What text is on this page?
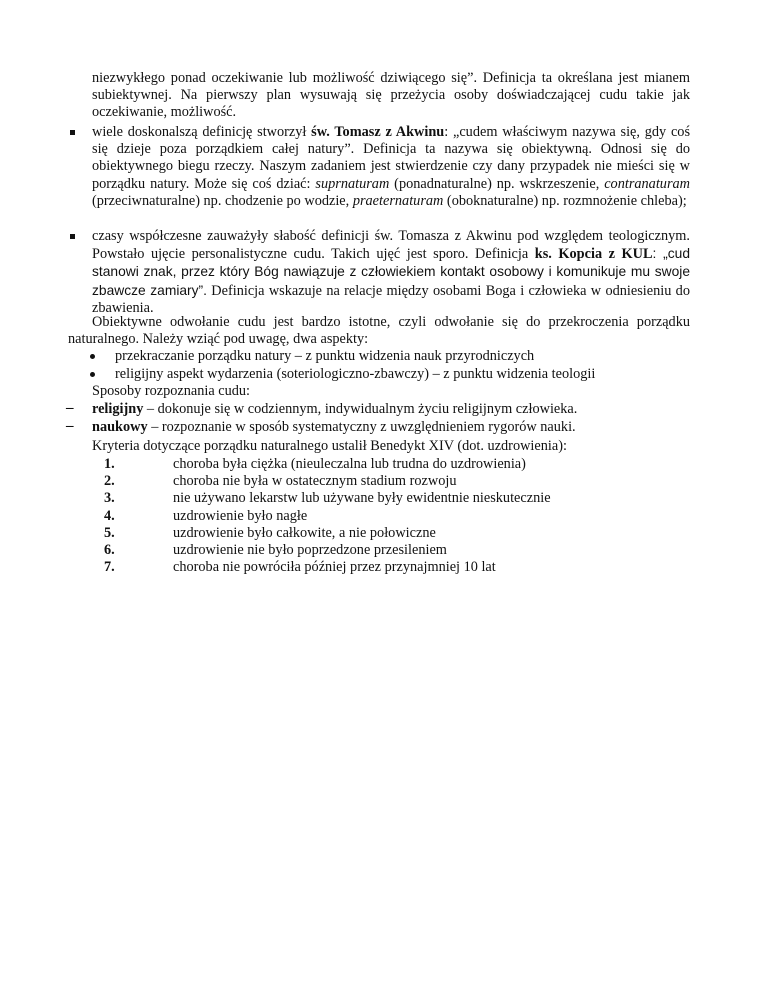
niezwykłego ponad oczekiwanie lub możliwość dziwiącego się”. Definicja ta określana jest mianem subiektywnej. Na pierwszy plan wysuwają się przeżycia osoby doświadczającej cudu takie jak oczekiwanie, możliwość.
wiele doskonalszą definicję stworzył św. Tomasz z Akwinu: „cudem właściwym nazywa się, gdy coś się dzieje poza porządkiem całej natury”. Definicja ta nazywa się obiektywną. Odnosi się do obiektywnego biegu rzeczy. Naszym zadaniem jest stwierdzenie czy dany przypadek nie mieści się w porządku natury. Może się coś dziać: suprnaturam (ponadnaturalne) np. wskrzeszenie, contranaturam (przeciwnaturalne) np. chodzenie po wodzie, praeternaturam (oboknaturalne) np. rozmnożenie chleba);
czasy współczesne zauważyły słabość definicji św. Tomasza z Akwinu pod względem teologicznym. Powstało ujęcie personalistyczne cudu. Takich ujęć jest sporo. Definicja ks. Kopcia z KUL: „cud stanowi znak, przez który Bóg nawiązuje z człowiekiem kontakt osobowy i komunikuje mu swoje zbawcze zamiary”. Definicja wskazuje na relacje między osobami Boga i człowieka w odniesieniu do zbawienia.
Obiektywne odwołanie cudu jest bardzo istotne, czyli odwołanie się do przekroczenia porządku naturalnego. Należy wziąć pod uwagę, dwa aspekty:
przekraczanie porządku natury – z punktu widzenia nauk przyrodniczych
religijny aspekt wydarzenia (soteriologiczno-zbawczy) – z punktu widzenia teologii
Sposoby rozpoznania cudu:
– religijny – dokonuje się w codziennym, indywidualnym życiu religijnym człowieka.
– naukowy – rozpoznanie w sposób systematyczny z uwzględnieniem rygorów nauki.
Kryteria dotyczące porządku naturalnego ustalił Benedykt XIV (dot. uzdrowienia):
1.	choroba była ciężka (nieuleczalna lub trudna do uzdrowienia)
2.	choroba nie była w ostatecznym stadium rozwoju
3.	nie używano lekarstw lub używane były ewidentnie nieskutecznie
4.	uzdrowienie było nagłe
5.	uzdrowienie było całkowite, a nie połowiczne
6.	uzdrowienie nie było poprzedzone przesileniem
7.	choroba nie powróciła później przez przynajmniej 10 lat
